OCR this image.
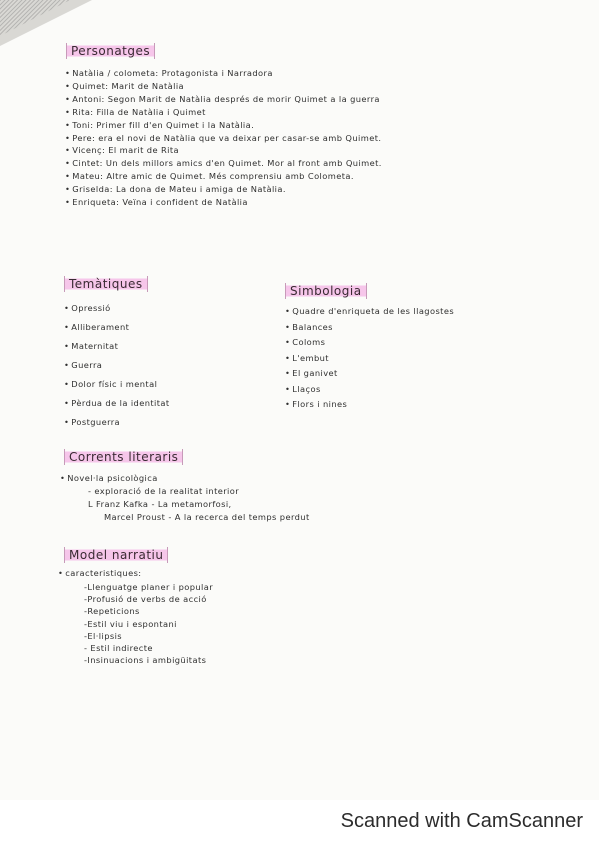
Personatges
• Natàlia / colometa: Protagonista i Narradora
• Quimet: Marit de Natàlia
• Antoni: Segon Marit de Natàlia després de morir Quimet a la guerra
• Rita: Filla de Natàlia i Quimet
• Toni: Primer fill d'en Quimet i la Natàlia.
• Pere: era el novi de Natàlia que va deixar per casar-se amb Quimet.
• Vicenç: El marit de Rita
• Cintet: Un dels millors amics d'en Quimet. Mor al front amb Quimet.
• Mateu: Altre amic de Quimet. Més comprensiu amb Colometa.
• Griselda: La dona de Mateu i amiga de Natàlia.
• Enriqueta: Veïna i confident de Natàlia
Temàtiques
• Opressió
• Alliberament
• Maternitat
• Guerra
• Dolor físic i mental
• Pèrdua de la identitat
• Postguerra
Simbologia
• Quadre d'enriqueta de les llagostes
• Balances
• Coloms
• L'embut
• El ganivet
• Llaços
• Flors i nines
Corrents literaris
• Novel·la psicològica
- exploració de la realitat interior
L Franz Kafka - La metamorfosi,
Marcel Proust - A la recerca del temps perdut
Model narratiu
• caracteristiques:
-Llenguatge planer i popular
-Profusió de verbs de acció
-Repeticions
-Estil viu i espontani
-El·lipsis
- Estil indirecte
-Insinuacions i ambigüitats
Scanned with CamScanner
